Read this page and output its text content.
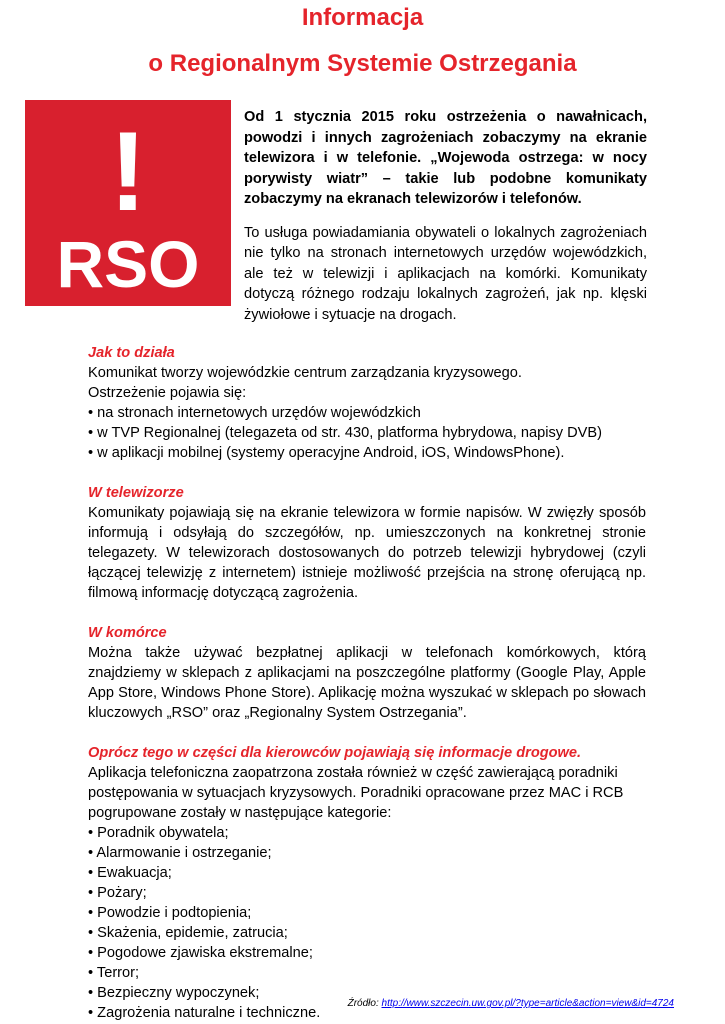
Informacja
o Regionalnym Systemie Ostrzegania
!
RSO

Od 1 stycznia 2015 roku ostrzeżenia o nawałnicach, powodzi i innych zagrożeniach zobaczymy na ekranie telewizora i w telefonie. „Wojewoda ostrzega: w nocy porywisty wiatr” – takie lub podobne komunikaty zobaczymy na ekranach telewizorów i telefonów.

To usługa powiadamiania obywateli o lokalnych zagrożeniach nie tylko na stronach internetowych urzędów wojewódzkich, ale też w telewizji i aplikacjach na komórki. Komunikaty dotyczą różnego rodzaju lokalnych zagrożeń, jak np. klęski żywiołowe i sytuacje na drogach.

Jak to działa

Komunikat tworzy wojewódzkie centrum zarządzania kryzysowego.

Ostrzeżenie pojawia się:

• na stronach internetowych urzędów wojewódzkich
• w TVP Regionalnej (telegazeta od str. 430, platforma hybrydowa, napisy DVB)
• w aplikacji mobilnej (systemy operacyjne Android, iOS, WindowsPhone).

W telewizorze

Komunikaty pojawiają się na ekranie telewizora w formie napisów. W zwięzły sposób informują i odsyłają do szczegółów, np. umieszczonych na konkretnej stronie telegazety. W telewizorach dostosowanych do potrzeb telewizji hybrydowej (czyli łączącej telewizję z internetem) istnieje możliwość przejścia na stronę oferującą np. filmową informację dotyczącą zagrożenia.

W komórce

Można także używać bezpłatnej aplikacji w telefonach komórkowych, którą znajdziemy w sklepach z aplikacjami na poszczególne platformy (Google Play, Apple App Store, Windows Phone Store). Aplikację można wyszukać w sklepach po słowach kluczowych „RSO” oraz „Regionalny System Ostrzegania”.

Oprócz tego w części dla kierowców pojawiają się informacje drogowe.

Aplikacja telefoniczna zaopatrzona została również w część zawierającą poradniki postępowania w sytuacjach kryzysowych. Poradniki opracowane przez MAC i RCB pogrupowane zostały w następujące kategorie:

• Poradnik obywatela;
• Alarmowanie i ostrzeganie;
• Ewakuacja;
• Pożary;
• Powodzie i podtopienia;
• Skażenia, epidemie, zatrucia;
• Pogodowe zjawiska ekstremalne;
• Terror;
• Bezpieczny wypoczynek;
• Zagrożenia naturalne i techniczne.
Źródło: http://www.szczecin.uw.gov.pl/?type=article&action=view&id=4724
